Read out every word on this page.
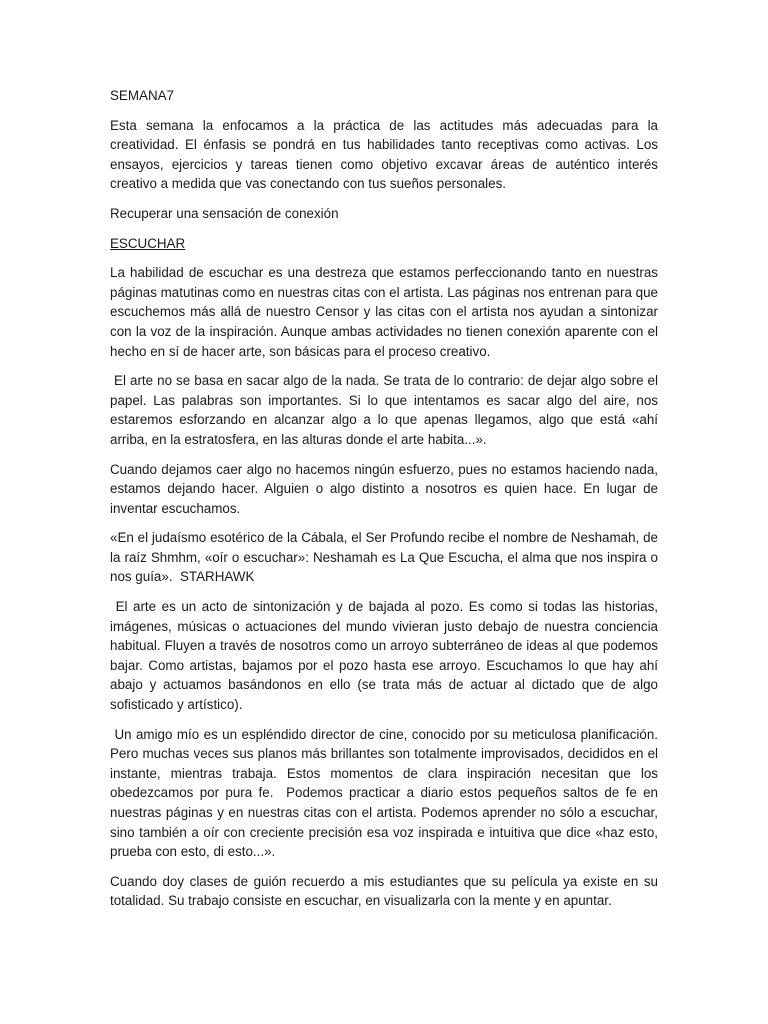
SEMANA7

Esta semana la enfocamos a la práctica de las actitudes más adecuadas para la creatividad. El énfasis se pondrá en tus habilidades tanto receptivas como activas. Los ensayos, ejercicios y tareas tienen como objetivo excavar áreas de auténtico interés creativo a medida que vas conectando con tus sueños personales.

Recuperar una sensación de conexión
ESCUCHAR

La habilidad de escuchar es una destreza que estamos perfeccionando tanto en nuestras páginas matutinas como en nuestras citas con el artista. Las páginas nos entrenan para que escuchemos más allá de nuestro Censor y las citas con el artista nos ayudan a sintonizar con la voz de la inspiración. Aunque ambas actividades no tienen conexión aparente con el hecho en sí de hacer arte, son básicas para el proceso creativo.

El arte no se basa en sacar algo de la nada. Se trata de lo contrario: de dejar algo sobre el papel. Las palabras son importantes. Si lo que intentamos es sacar algo del aire, nos estaremos esforzando en alcanzar algo a lo que apenas llegamos, algo que está «ahí arriba, en la estratosfera, en las alturas donde el arte habita...».

Cuando dejamos caer algo no hacemos ningún esfuerzo, pues no estamos haciendo nada, estamos dejando hacer. Alguien o algo distinto a nosotros es quien hace. En lugar de inventar escuchamos.

«En el judaísmo esotérico de la Cábala, el Ser Profundo recibe el nombre de Neshamah, de la raíz Shmhm, «oír o escuchar»: Neshamah es La Que Escucha, el alma que nos inspira o nos guía».  STARHAWK

El arte es un acto de sintonización y de bajada al pozo. Es como si todas las historias, imágenes, músicas o actuaciones del mundo vivieran justo debajo de nuestra conciencia habitual. Fluyen a través de nosotros como un arroyo subterráneo de ideas al que podemos bajar. Como artistas, bajamos por el pozo hasta ese arroyo. Escuchamos lo que hay ahí abajo y actuamos basándonos en ello (se trata más de actuar al dictado que de algo sofisticado y artístico).

Un amigo mío es un espléndido director de cine, conocido por su meticulosa planificación. Pero muchas veces sus planos más brillantes son totalmente improvisados, decididos en el instante, mientras trabaja. Estos momentos de clara inspiración necesitan que los obedezcamos por pura fe.  Podemos practicar a diario estos pequeños saltos de fe en nuestras páginas y en nuestras citas con el artista. Podemos aprender no sólo a escuchar, sino también a oír con creciente precisión esa voz inspirada e intuitiva que dice «haz esto, prueba con esto, di esto...».

Cuando doy clases de guión recuerdo a mis estudiantes que su película ya existe en su totalidad. Su trabajo consiste en escuchar, en visualizarla con la mente y en apuntar.
